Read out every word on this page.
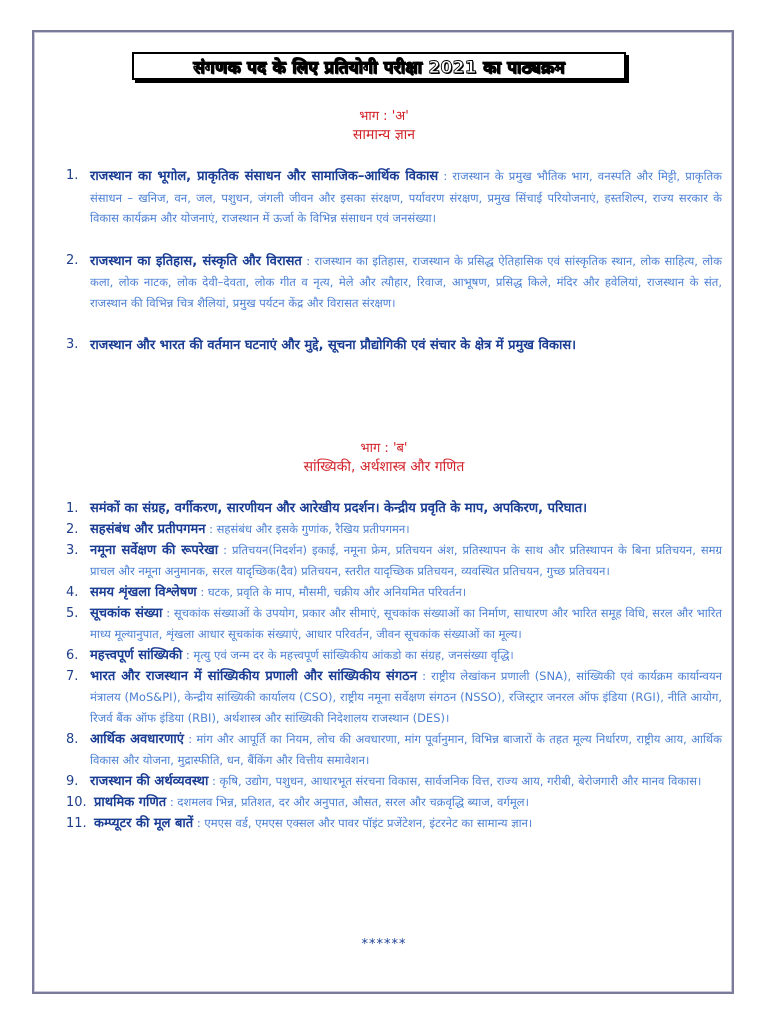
संगणक पद के लिए प्रतियोगी परीक्षा 2021 का पाठ्यक्रम
भाग : 'अ'
सामान्य ज्ञान
1. राजस्थान का भूगोल, प्राकृतिक संसाधन और सामाजिक–आर्थिक विकास : राजस्थान के प्रमुख भौतिक भाग, वनस्पति और मिट्टी, प्राकृतिक संसाधन – खनिज, वन, जल, पशुधन, जंगली जीवन और इसका संरक्षण, पर्यावरण संरक्षण, प्रमुख सिंचाई परियोजनाएं, हस्तशिल्प, राज्य सरकार के विकास कार्यक्रम और योजनाएं, राजस्थान में ऊर्जा के विभिन्न संसाधन एवं जनसंख्या।
2. राजस्थान का इतिहास, संस्कृति और विरासत : राजस्थान का इतिहास, राजस्थान के प्रसिद्ध ऐतिहासिक एवं सांस्कृतिक स्थान, लोक साहित्य, लोक कला, लोक नाटक, लोक देवी–देवता, लोक गीत व नृत्य, मेले और त्यौहार, रिवाज, आभूषण, प्रसिद्ध किले, मंदिर और हवेलियां, राजस्थान के संत, राजस्थान की विभिन्न चित्र शैलियां, प्रमुख पर्यटन केंद्र और विरासत संरक्षण।
3. राजस्थान और भारत की वर्तमान घटनाएं और मुद्दे, सूचना प्रौद्योगिकी एवं संचार के क्षेत्र में प्रमुख विकास।
भाग : 'ब'
सांख्यिकी, अर्थशास्त्र और गणित
1. समंकों का संग्रह, वर्गीकरण, सारणीयन और आरेखीय प्रदर्शन। केन्द्रीय प्रवृति के माप, अपकिरण, परिघात।
2. सहसंबंध और प्रतीपगमन : सहसंबंध और इसके गुणांक, रैखिय प्रतीपगमन।
3. नमूना सर्वेक्षण की रूपरेखा : प्रतिचयन(निदर्शन) इकाई, नमूना फ्रेम, प्रतिचयन अंश, प्रतिस्थापन के साथ और प्रतिस्थापन के बिना प्रतिचयन, समग्र प्राचल और नमूना अनुमानक, सरल यादृच्छिक(दैव) प्रतिचयन, स्तरीत यादृच्छिक प्रतिचयन, व्यवस्थित प्रतिचयन, गुच्छ प्रतिचयन।
4. समय शृंखला विश्लेषण : घटक, प्रवृति के माप, मौसमी, चक्रीय और अनियमित परिवर्तन।
5. सूचकांक संख्या : सूचकांक संख्याओं के उपयोग, प्रकार और सीमाएं, सूचकांक संख्याओं का निर्माण, साधारण और भारित समूह विधि, सरल और भारित माध्य मूल्यानुपात, शृंखला आधार सूचकांक संख्याएं, आधार परिवर्तन, जीवन सूचकांक संख्याओं का मूल्य।
6. महत्त्वपूर्ण सांख्यिकी : मृत्यु एवं जन्म दर के महत्त्वपूर्ण सांख्यिकीय आंकडो का संग्रह, जनसंख्या वृद्धि।
7. भारत और राजस्थान में सांख्यिकीय प्रणाली और सांख्यिकीय संगठन : राष्ट्रीय लेखांकन प्रणाली (SNA), सांख्यिकी एवं कार्यक्रम कार्यान्वयन मंत्रालय (MoS&PI), केन्द्रीय सांख्यिकी कार्यालय (CSO), राष्ट्रीय नमूना सर्वेक्षण संगठन (NSSO), रजिस्ट्रार जनरल ऑफ इंडिया (RGI), नीति आयोग, रिजर्व बैंक ऑफ इंडिया (RBI), अर्थशास्त्र और सांख्यिकी निदेशालय राजस्थान (DES)।
8. आर्थिक अवधारणाएं : मांग और आपूर्ति का नियम, लोच की अवधारणा, मांग पूर्वानुमान, विभिन्न बाजारों के तहत मूल्य निर्धारण, राष्ट्रीय आय, आर्थिक विकास और योजना, मुद्रास्फीति, धन, बैंकिंग और वित्तीय समावेशन।
9. राजस्थान की अर्थव्यवस्था : कृषि, उद्योग, पशुधन, आधारभूत संरचना विकास, सार्वजनिक वित्त, राज्य आय, गरीबी, बेरोजगारी और मानव विकास।
10. प्राथमिक गणित : दशमलव भिन्न, प्रतिशत, दर और अनुपात, औसत, सरल और चक्रवृद्धि ब्याज, वर्गमूल।
11. कम्प्यूटर की मूल बातें : एमएस वर्ड, एमएस एक्सल और पावर पॉइंट प्रजेंटेशन, इंटरनेट का सामान्य ज्ञान।
******
